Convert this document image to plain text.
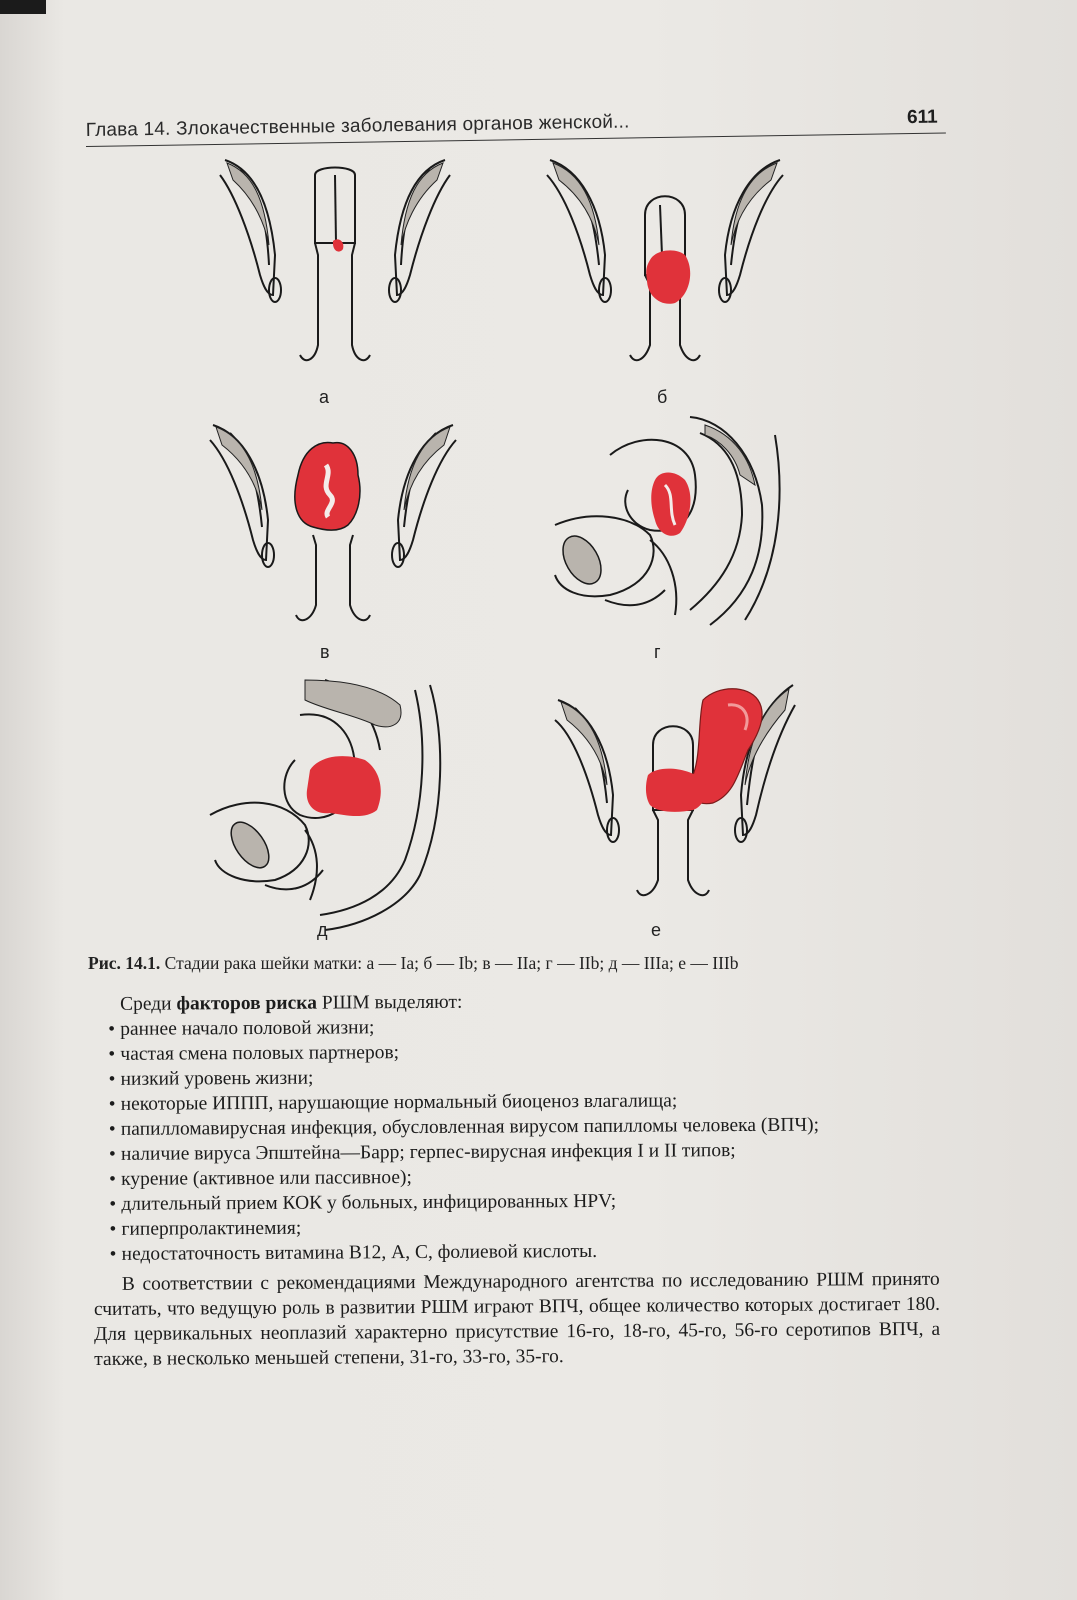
Глава 14. Злокачественные заболевания органов женской...	611
а	б
в	г
д	е
Рис. 14.1. Стадии рака шейки матки: а — Ia; б — Ib; в — IIa; г — IIb; д — IIIa; е — IIIb

Среди факторов риска РШМ выделяют:

• раннее начало половой жизни;
• частая смена половых партнеров;
• низкий уровень жизни;
• некоторые ИППП, нарушающие нормальный биоценоз влагалища;
• папилломавирусная инфекция, обусловленная вирусом папилломы человека (ВПЧ);
• наличие вируса Эпштейна—Барр; герпес-вирусная инфекция I и II типов;
• курение (активное или пассивное);
• длительный прием КОК у больных, инфицированных HPV;
• гиперпролактинемия;
• недостаточность витамина В12, А, С, фолиевой кислоты.

В соответствии с рекомендациями Международного агентства по исследованию РШМ принято считать, что ведущую роль в развитии РШМ играют ВПЧ, общее количество которых достигает 180. Для цервикальных неоплазий характерно присутствие 16-го, 18-го, 45-го, 56-го серотипов ВПЧ, а также, в несколько меньшей степени, 31-го, 33-го, 35-го.
